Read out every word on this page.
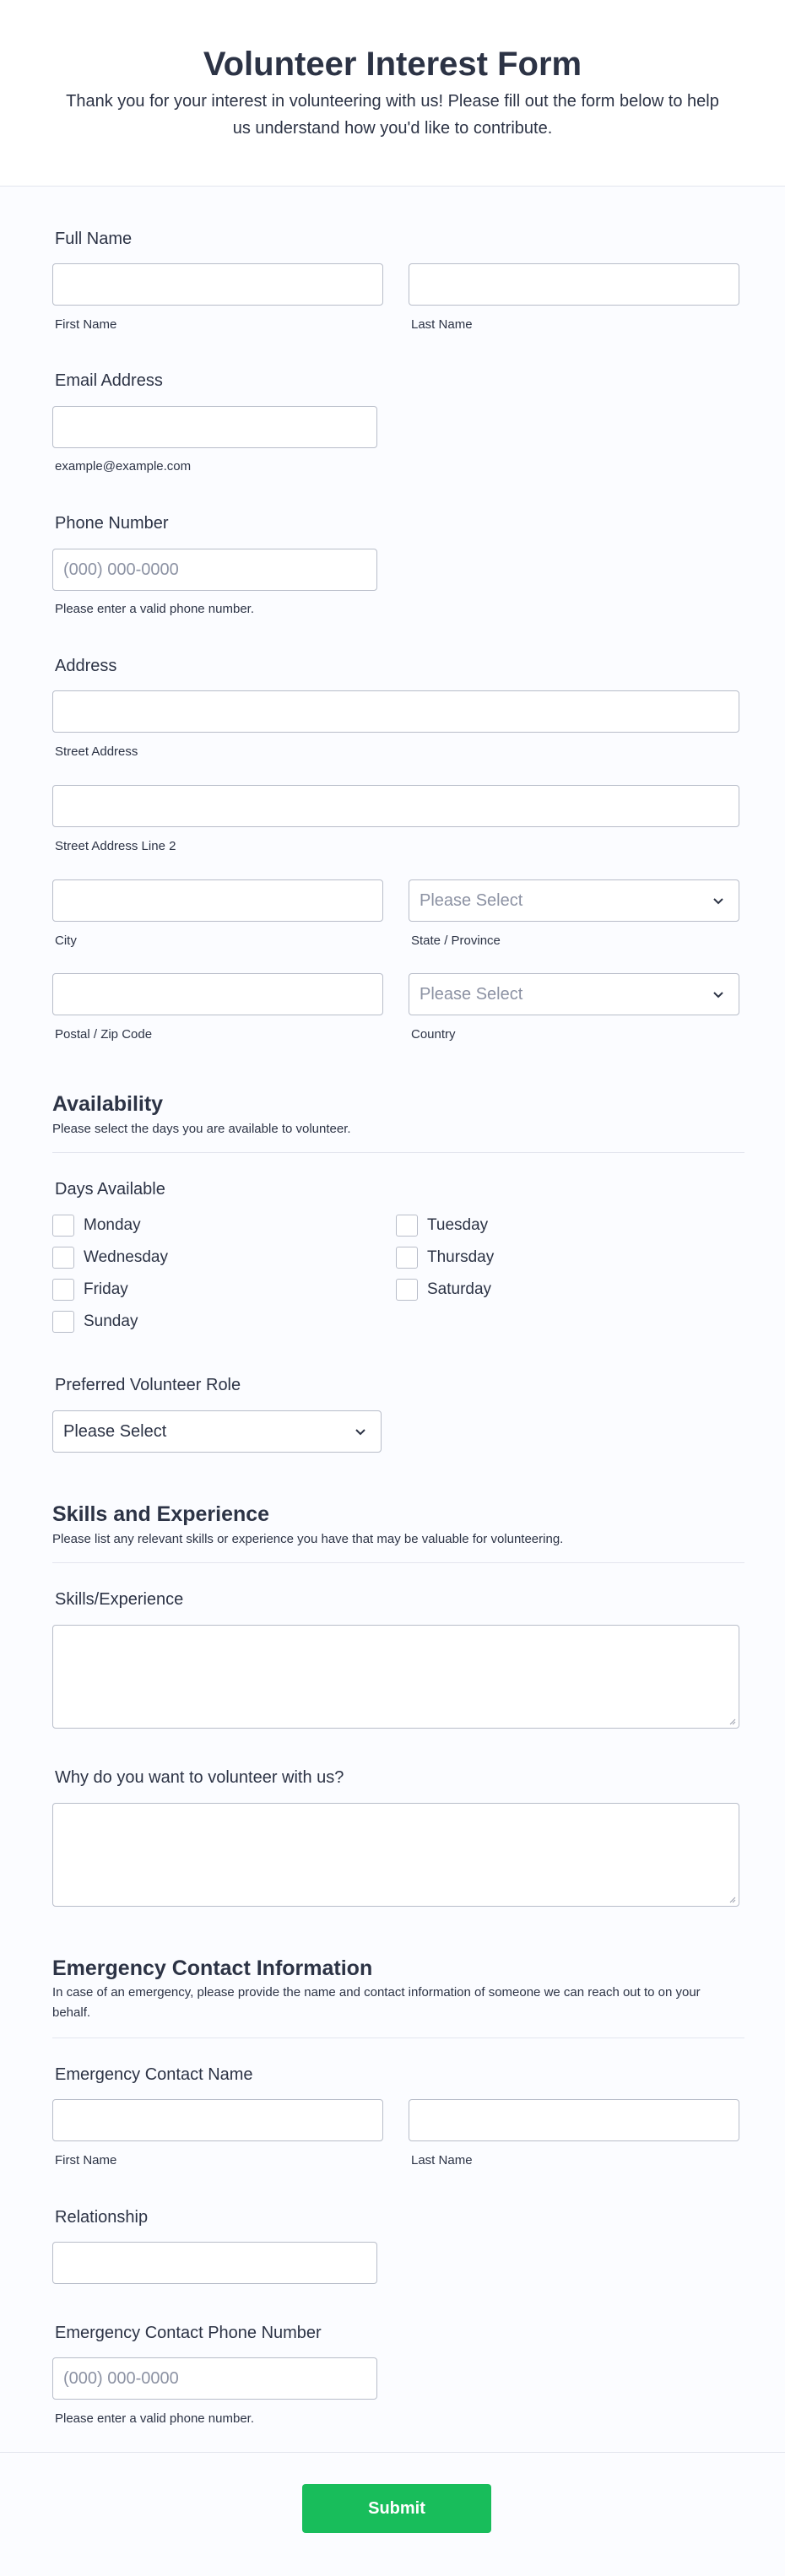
Volunteer Interest Form

Thank you for your interest in volunteering with us! Please fill out the form below to help us understand how you'd like to contribute.

Full Name
First Name	Last Name
Email Address
example@example.com
Phone Number
(000) 000-0000
Please enter a valid phone number.
Address
Street Address
Street Address Line 2
Please Select
City	State / Province
Please Select
Postal / Zip Code	Country
Availability
Please select the days you are available to volunteer.
Days Available
Monday	Tuesday
Wednesday	Thursday
Friday	Saturday
Sunday
Preferred Volunteer Role
Please Select
Skills and Experience
Please list any relevant skills or experience you have that may be valuable for volunteering.
Skills/Experience
Why do you want to volunteer with us?
Emergency Contact Information
In case of an emergency, please provide the name and contact information of someone we can reach out to on your behalf.
Emergency Contact Name
First Name	Last Name
Relationship
Emergency Contact Phone Number
(000) 000-0000
Please enter a valid phone number.
Submit
